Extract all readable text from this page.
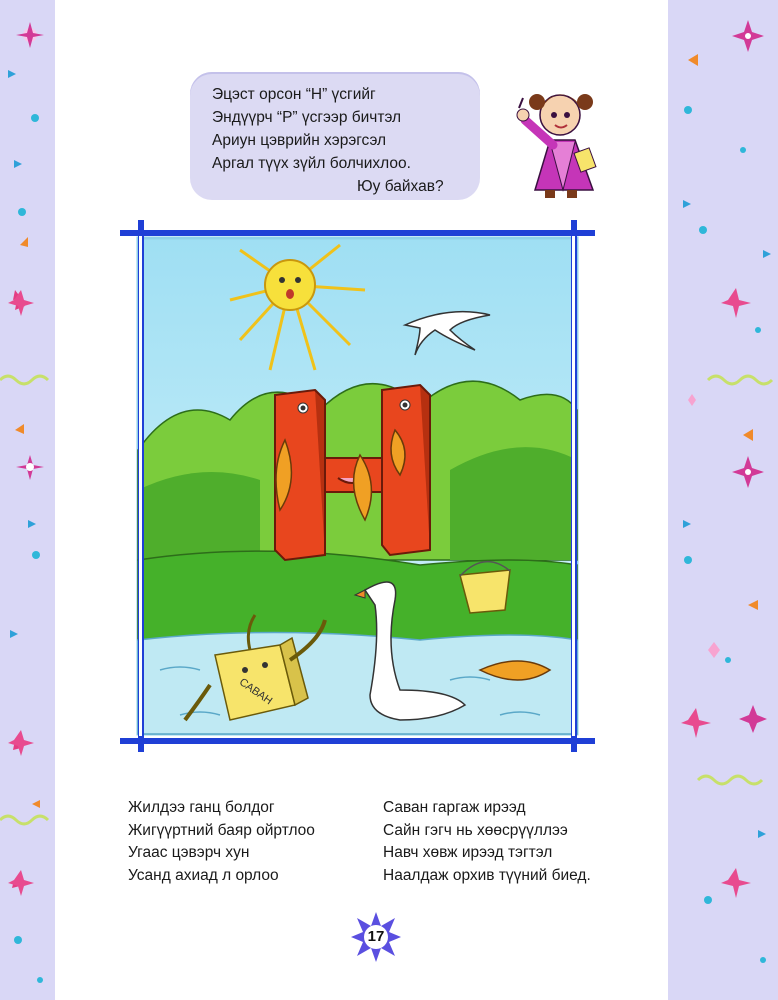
Эцэст орсон “Н” үсгийг
Эндүүрч “Р” үсгээр бичтэл
Ариун цэврийн хэрэгсэл
Аргал түүх зүйл болчихлоо.
Юу байхав?
САВАН
Жилдээ ганц болдог
Жигүүртний баяр ойртлоо
Угаас цэвэрч хун
Усанд ахиад л орлоо
Саван гаргаж ирээд
Сайн гэгч нь хөөсрүүллээ
Навч хөвж ирээд тэгтэл
Наалдаж орхив түүний биед.
17
